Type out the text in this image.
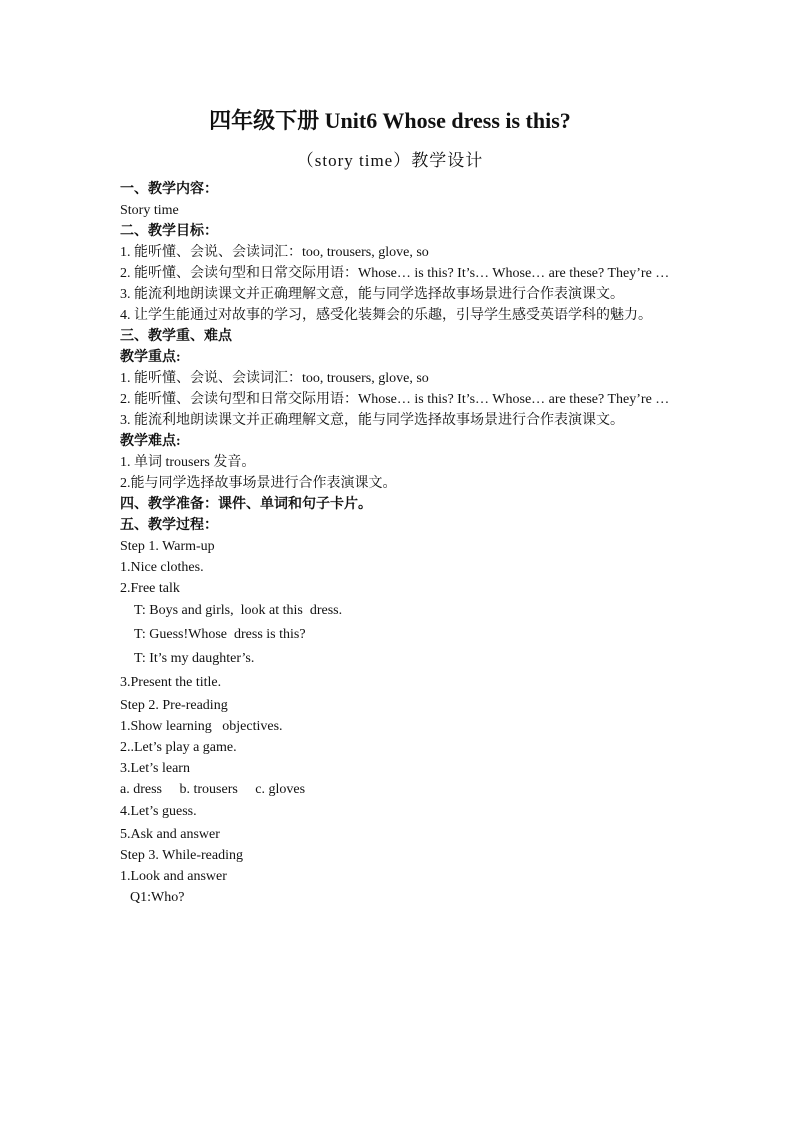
四年级下册 Unit6 Whose dress is this?
（story time）教学设计
一、教学内容：
Story time
二、教学目标：
1. 能听懂、会说、会读词汇：too, trousers, glove, so
2. 能听懂、会读句型和日常交际用语：Whose… is this? It’s… Whose… are these? They’re …
3. 能流利地朗读课文并正确理解文意，能与同学选择故事场景进行合作表演课文。
4. 让学生能通过对故事的学习，感受化装舞会的乐趣，引导学生感受英语学科的魅力。
三、教学重、难点
教学重点:
1. 能听懂、会说、会读词汇：too, trousers, glove, so
2. 能听懂、会读句型和日常交际用语：Whose… is this? It’s… Whose… are these? They’re …
3. 能流利地朗读课文并正确理解文意，能与同学选择故事场景进行合作表演课文。
教学难点:
1. 单词 trousers 发音。
2.能与同学选择故事场景进行合作表演课文。
四、教学准备：课件、单词和句子卡片。
五、教学过程：
Step 1. Warm-up
1.Nice clothes.
2.Free talk
T: Boys and girls,  look at this  dress.
T: Guess!Whose  dress is this?
T: It’s my daughter’s.
3.Present the title.
Step 2. Pre-reading
1.Show learning   objectives.
2..Let’s play a game.
3.Let’s learn
a. dress     b. trousers     c. gloves
4.Let’s guess.
5.Ask and answer
Step 3. While-reading
1.Look and answer
Q1:Who?
